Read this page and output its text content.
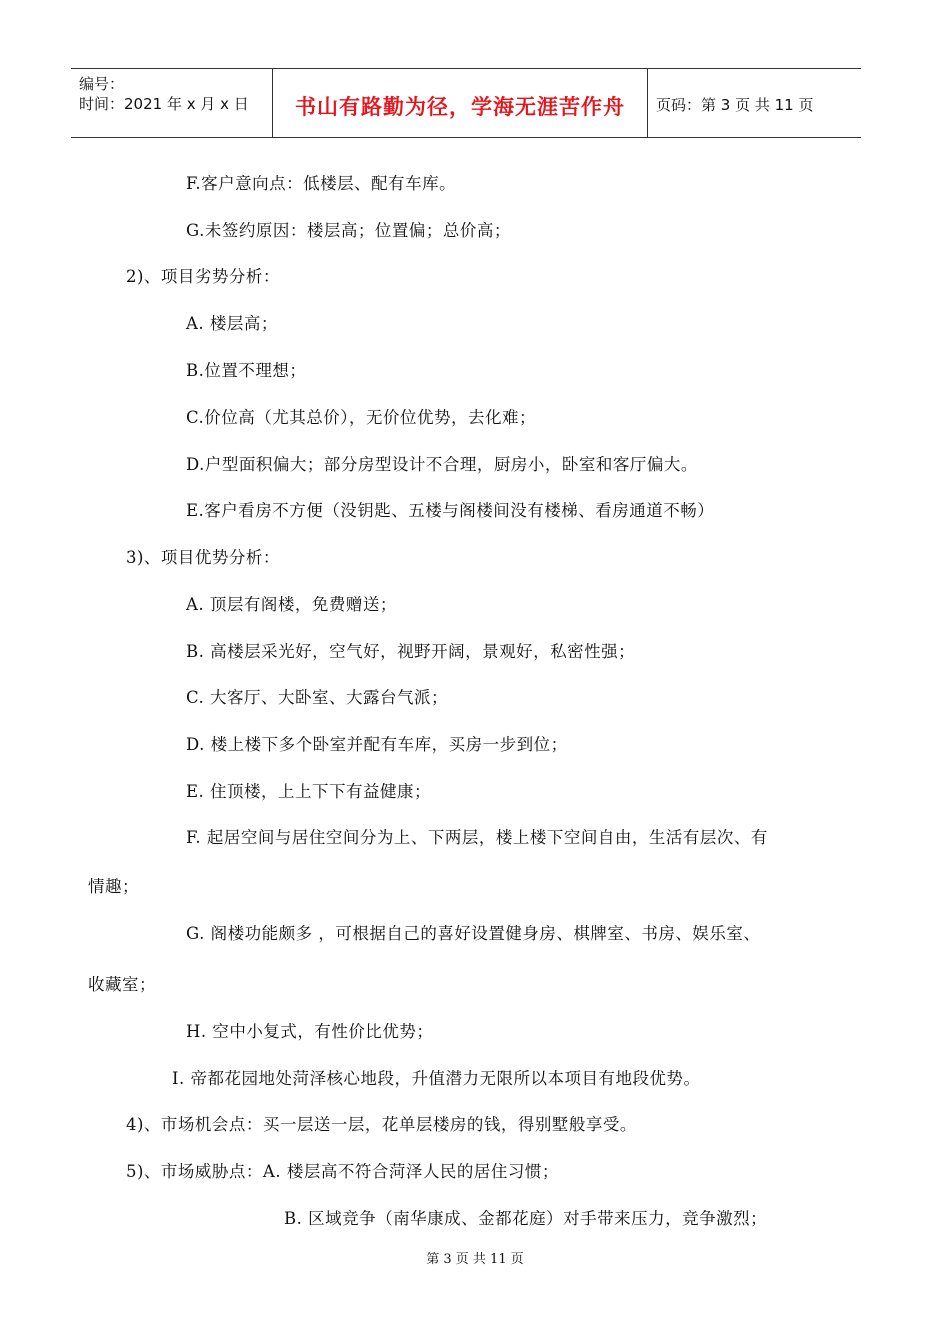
编号：
时间：2021 年 x 月 x 日	书山有路勤为径，学海无涯苦作舟	页码：第 3 页 共 11 页
F.客户意向点：低楼层、配有车库。
G.未签约原因：楼层高；位置偏；总价高；
2)、项目劣势分析：
A. 楼层高；
B.位置不理想；
C.价位高（尤其总价），无价位优势，去化难；
D.户型面积偏大；部分房型设计不合理，厨房小，卧室和客厅偏大。
E.客户看房不方便（没钥匙、五楼与阁楼间没有楼梯、看房通道不畅）
3)、项目优势分析：
A. 顶层有阁楼，免费赠送；
B. 高楼层采光好，空气好，视野开阔，景观好，私密性强；
C. 大客厅、大卧室、大露台气派；
D. 楼上楼下多个卧室并配有车库，买房一步到位；
E. 住顶楼，上上下下有益健康；
F. 起居空间与居住空间分为上、下两层，楼上楼下空间自由，生活有层次、有
情趣；
G. 阁楼功能颇多 ，可根据自己的喜好设置健身房、棋牌室、书房、娱乐室、
收藏室；
H. 空中小复式，有性价比优势；
I. 帝都花园地处菏泽核心地段，升值潜力无限所以本项目有地段优势。
4)、市场机会点：买一层送一层，花单层楼房的钱，得别墅般享受。
5)、市场威胁点：A. 楼层高不符合菏泽人民的居住习惯；
B. 区域竞争（南华康成、金都花庭）对手带来压力，竞争激烈；
第 3 页 共 11 页
